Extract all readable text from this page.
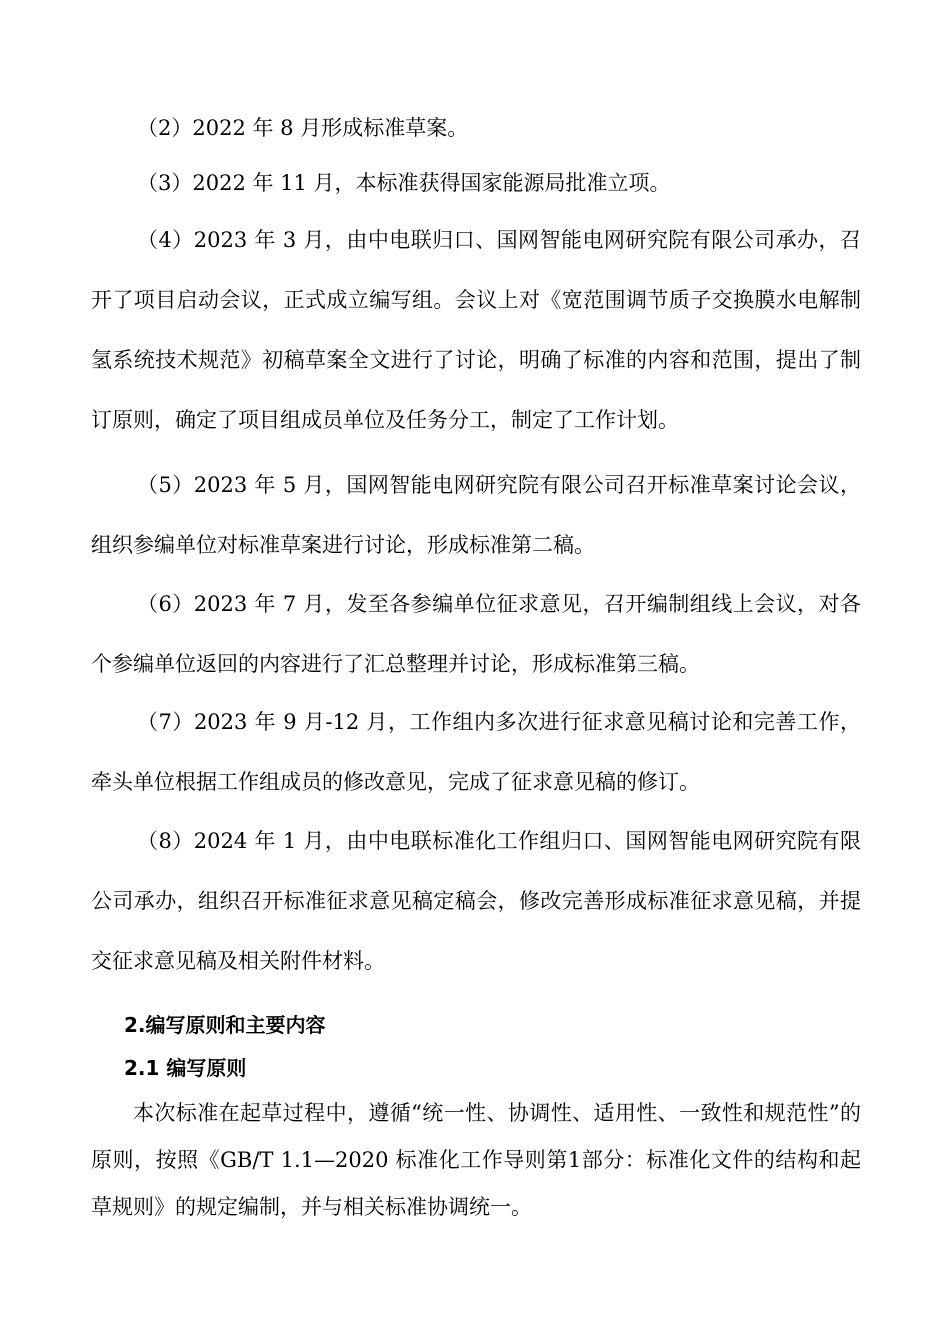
（2）2022 年 8 月形成标准草案。

（3）2022 年 11 月，本标准获得国家能源局批准立项。

（4）2023 年 3 月，由中电联归口、国网智能电网研究院有限公司承办，召开了项目启动会议，正式成立编写组。会议上对《宽范围调节质子交换膜水电解制氢系统技术规范》初稿草案全文进行了讨论，明确了标准的内容和范围，提出了制订原则，确定了项目组成员单位及任务分工，制定了工作计划。

（5）2023 年 5 月，国网智能电网研究院有限公司召开标准草案讨论会议，组织参编单位对标准草案进行讨论，形成标准第二稿。

（6）2023 年 7 月，发至各参编单位征求意见，召开编制组线上会议，对各个参编单位返回的内容进行了汇总整理并讨论，形成标准第三稿。

（7）2023 年 9 月-12 月，工作组内多次进行征求意见稿讨论和完善工作，牵头单位根据工作组成员的修改意见，完成了征求意见稿的修订。

（8）2024 年 1 月，由中电联标准化工作组归口、国网智能电网研究院有限公司承办，组织召开标准征求意见稿定稿会，修改完善形成标准征求意见稿，并提交征求意见稿及相关附件材料。

2.编写原则和主要内容
2.1 编写原则

本次标准在起草过程中，遵循“统一性、协调性、适用性、一致性和规范性”的原则，按照《GB/T 1.1—2020 标准化工作导则第1部分：标准化文件的结构和起草规则》的规定编制，并与相关标准协调统一。
